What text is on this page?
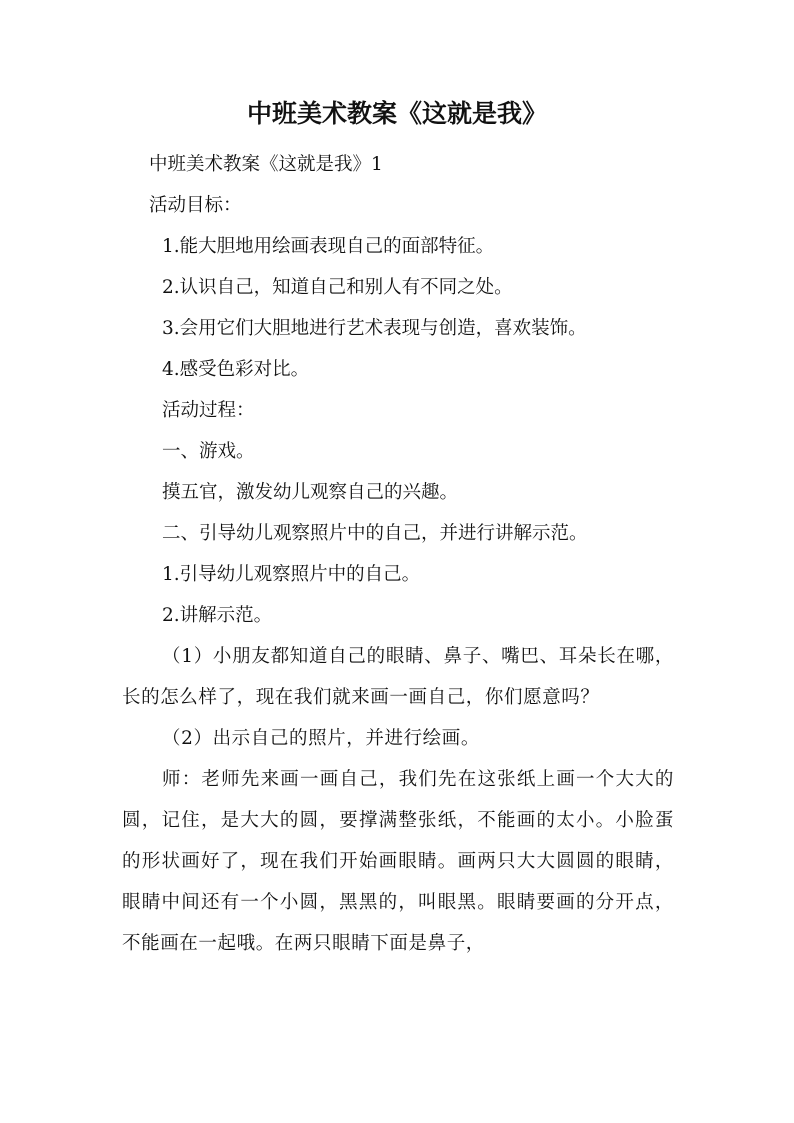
中班美术教案《这就是我》

中班美术教案《这就是我》1

活动目标：

1.能大胆地用绘画表现自己的面部特征。

2.认识自己，知道自己和别人有不同之处。

3.会用它们大胆地进行艺术表现与创造，喜欢装饰。

4.感受色彩对比。

活动过程：

一、游戏。

摸五官，激发幼儿观察自己的兴趣。

二、引导幼儿观察照片中的自己，并进行讲解示范。

1.引导幼儿观察照片中的自己。

2.讲解示范。

（1）小朋友都知道自己的眼睛、鼻子、嘴巴、耳朵长在哪，长的怎么样了，现在我们就来画一画自己，你们愿意吗？

（2）出示自己的照片，并进行绘画。

师：老师先来画一画自己，我们先在这张纸上画一个大大的圆，记住，是大大的圆，要撑满整张纸，不能画的太小。小脸蛋的形状画好了，现在我们开始画眼睛。画两只大大圆圆的眼睛，眼睛中间还有一个小圆，黑黑的，叫眼黑。眼睛要画的分开点，不能画在一起哦。在两只眼睛下面是鼻子，
